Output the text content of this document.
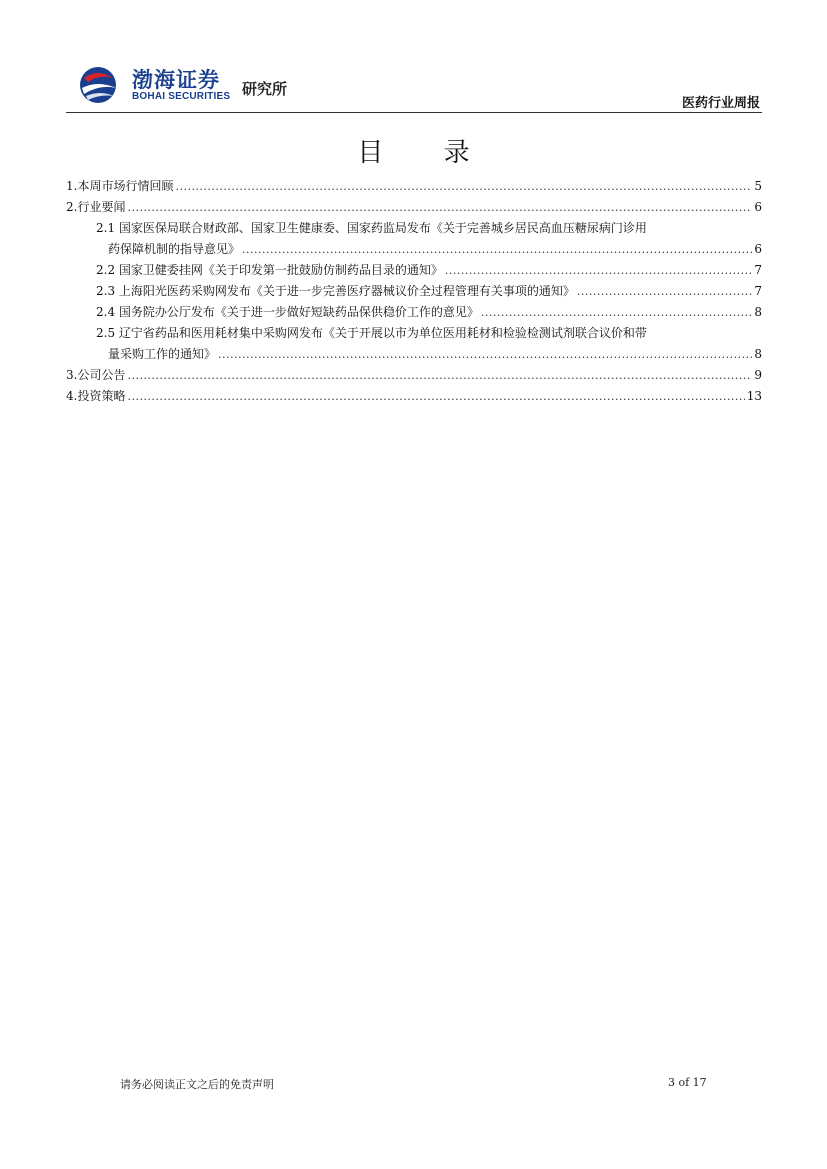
渤海证券
BOHAI SECURITIES 研究所
医药行业周报
目 录
1.本周市场行情回顾 .....	5
2.行业要闻 .....	6
2.1 国家医保局联合财政部、国家卫生健康委、国家药监局发布《关于完善城乡居民高血压糖尿病门诊用
药保障机制的指导意见》 .....	6
2.2 国家卫健委挂网《关于印发第一批鼓励仿制药品目录的通知》 .....	7
2.3 上海阳光医药采购网发布《关于进一步完善医疗器械议价全过程管理有关事项的通知》 .....	7
2.4 国务院办公厅发布《关于进一步做好短缺药品保供稳价工作的意见》 .....	8
2.5 辽宁省药品和医用耗材集中采购网发布《关于开展以市为单位医用耗材和检验检测试剂联合议价和带
量采购工作的通知》 .....	8
3.公司公告 .....	9
4.投资策略 .....	13
请务必阅读正文之后的免责声明	3 of 17
